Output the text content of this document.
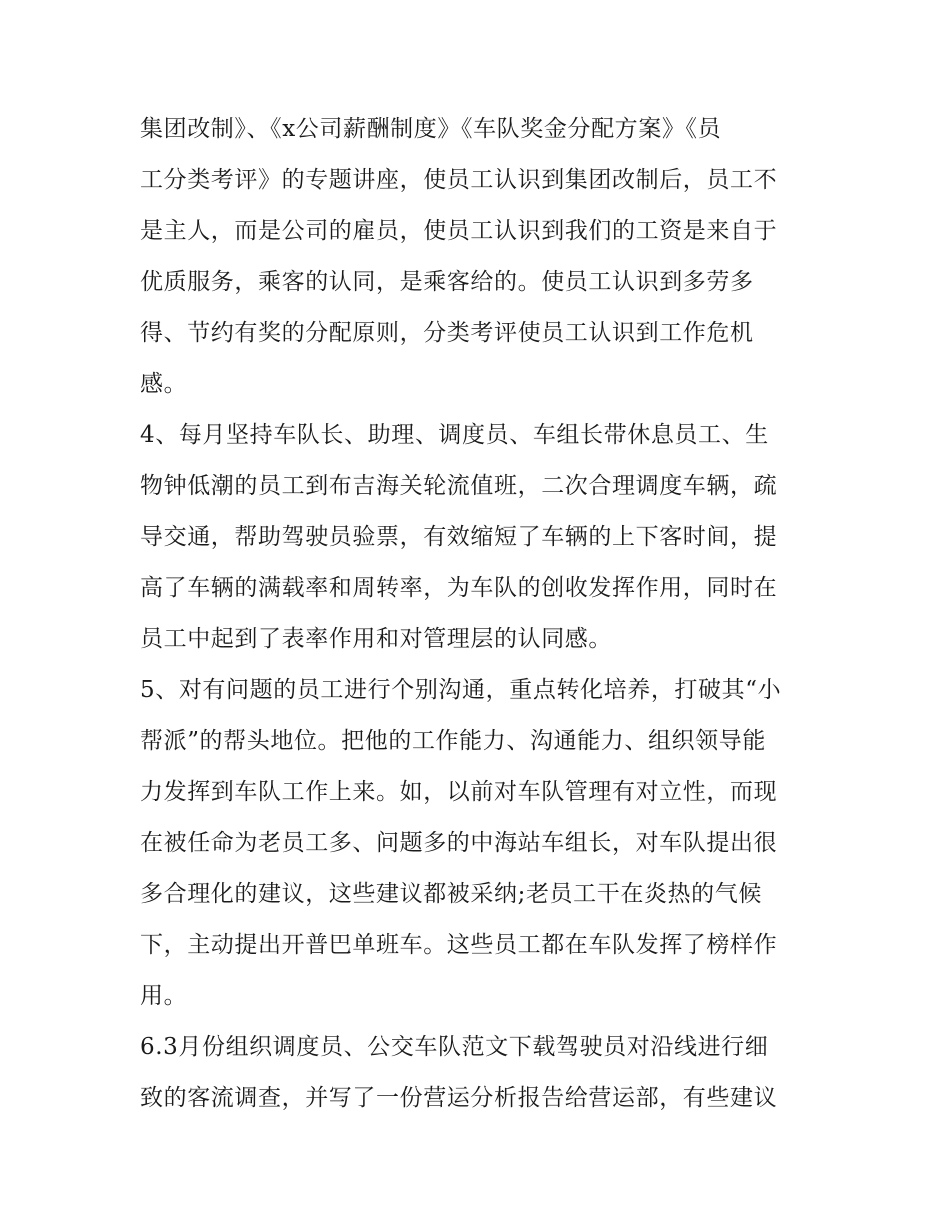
集团改制》、《x公司薪酬制度》《车队奖金分配方案》《员
工分类考评》的专题讲座，使员工认识到集团改制后，员工不
是主人，而是公司的雇员，使员工认识到我们的工资是来自于
优质服务，乘客的认同，是乘客给的。使员工认识到多劳多
得、节约有奖的分配原则，分类考评使员工认识到工作危机
感。
4、每月坚持车队长、助理、调度员、车组长带休息员工、生
物钟低潮的员工到布吉海关轮流值班，二次合理调度车辆，疏
导交通，帮助驾驶员验票，有效缩短了车辆的上下客时间，提
高了车辆的满载率和周转率，为车队的创收发挥作用，同时在
员工中起到了表率作用和对管理层的认同感。
5、对有问题的员工进行个别沟通，重点转化培养，打破其“小
帮派”的帮头地位。把他的工作能力、沟通能力、组织领导能
力发挥到车队工作上来。如，以前对车队管理有对立性，而现
在被任命为老员工多、问题多的中海站车组长，对车队提出很
多合理化的建议，这些建议都被采纳;老员工干在炎热的气候
下，主动提出开普巴单班车。这些员工都在车队发挥了榜样作
用。
6.3月份组织调度员、公交车队范文下载驾驶员对沿线进行细
致的客流调查，并写了一份营运分析报告给营运部，有些建议
